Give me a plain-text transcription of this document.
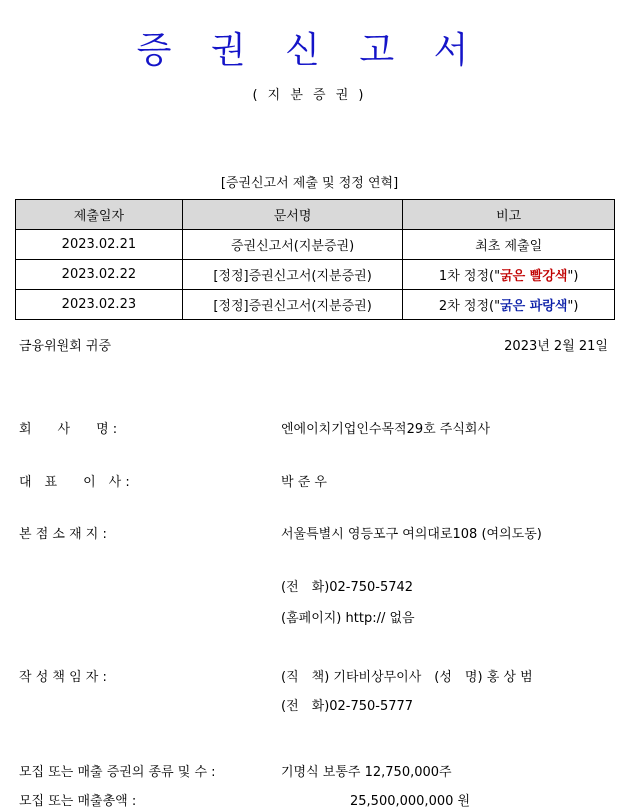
증 권 신 고 서
( 지 분 증 권 )
[증권신고서 제출 및 정정 연혁]
제출일자	문서명	비고
2023.02.21	증권신고서(지분증권)	최초 제출일
2023.02.22	[정정]증권신고서(지분증권)	1차 정정("굵은 빨강색")
2023.02.23	[정정]증권신고서(지분증권)	2차 정정("굵은 파랑색")
금융위원회 귀중	2023년 2월 21일
회　　사　　명 :	엔에이치기업인수목적29호 주식회사
대　표　　이　사 :	박 준 우
본 점 소 재 지 :	서울특별시 영등포구 여의대로108 (여의도동)
(전　화)02-750-5742
(홈페이지) http:// 없음
작 성 책 임 자 :	(직　책) 기타비상무이사　(성　명) 홍 상 범
(전　화)02-750-5777
모집 또는 매출 증권의 종류 및 수 :	기명식 보통주 12,750,000주
모집 또는 매출총액 :	25,500,000,000 원
